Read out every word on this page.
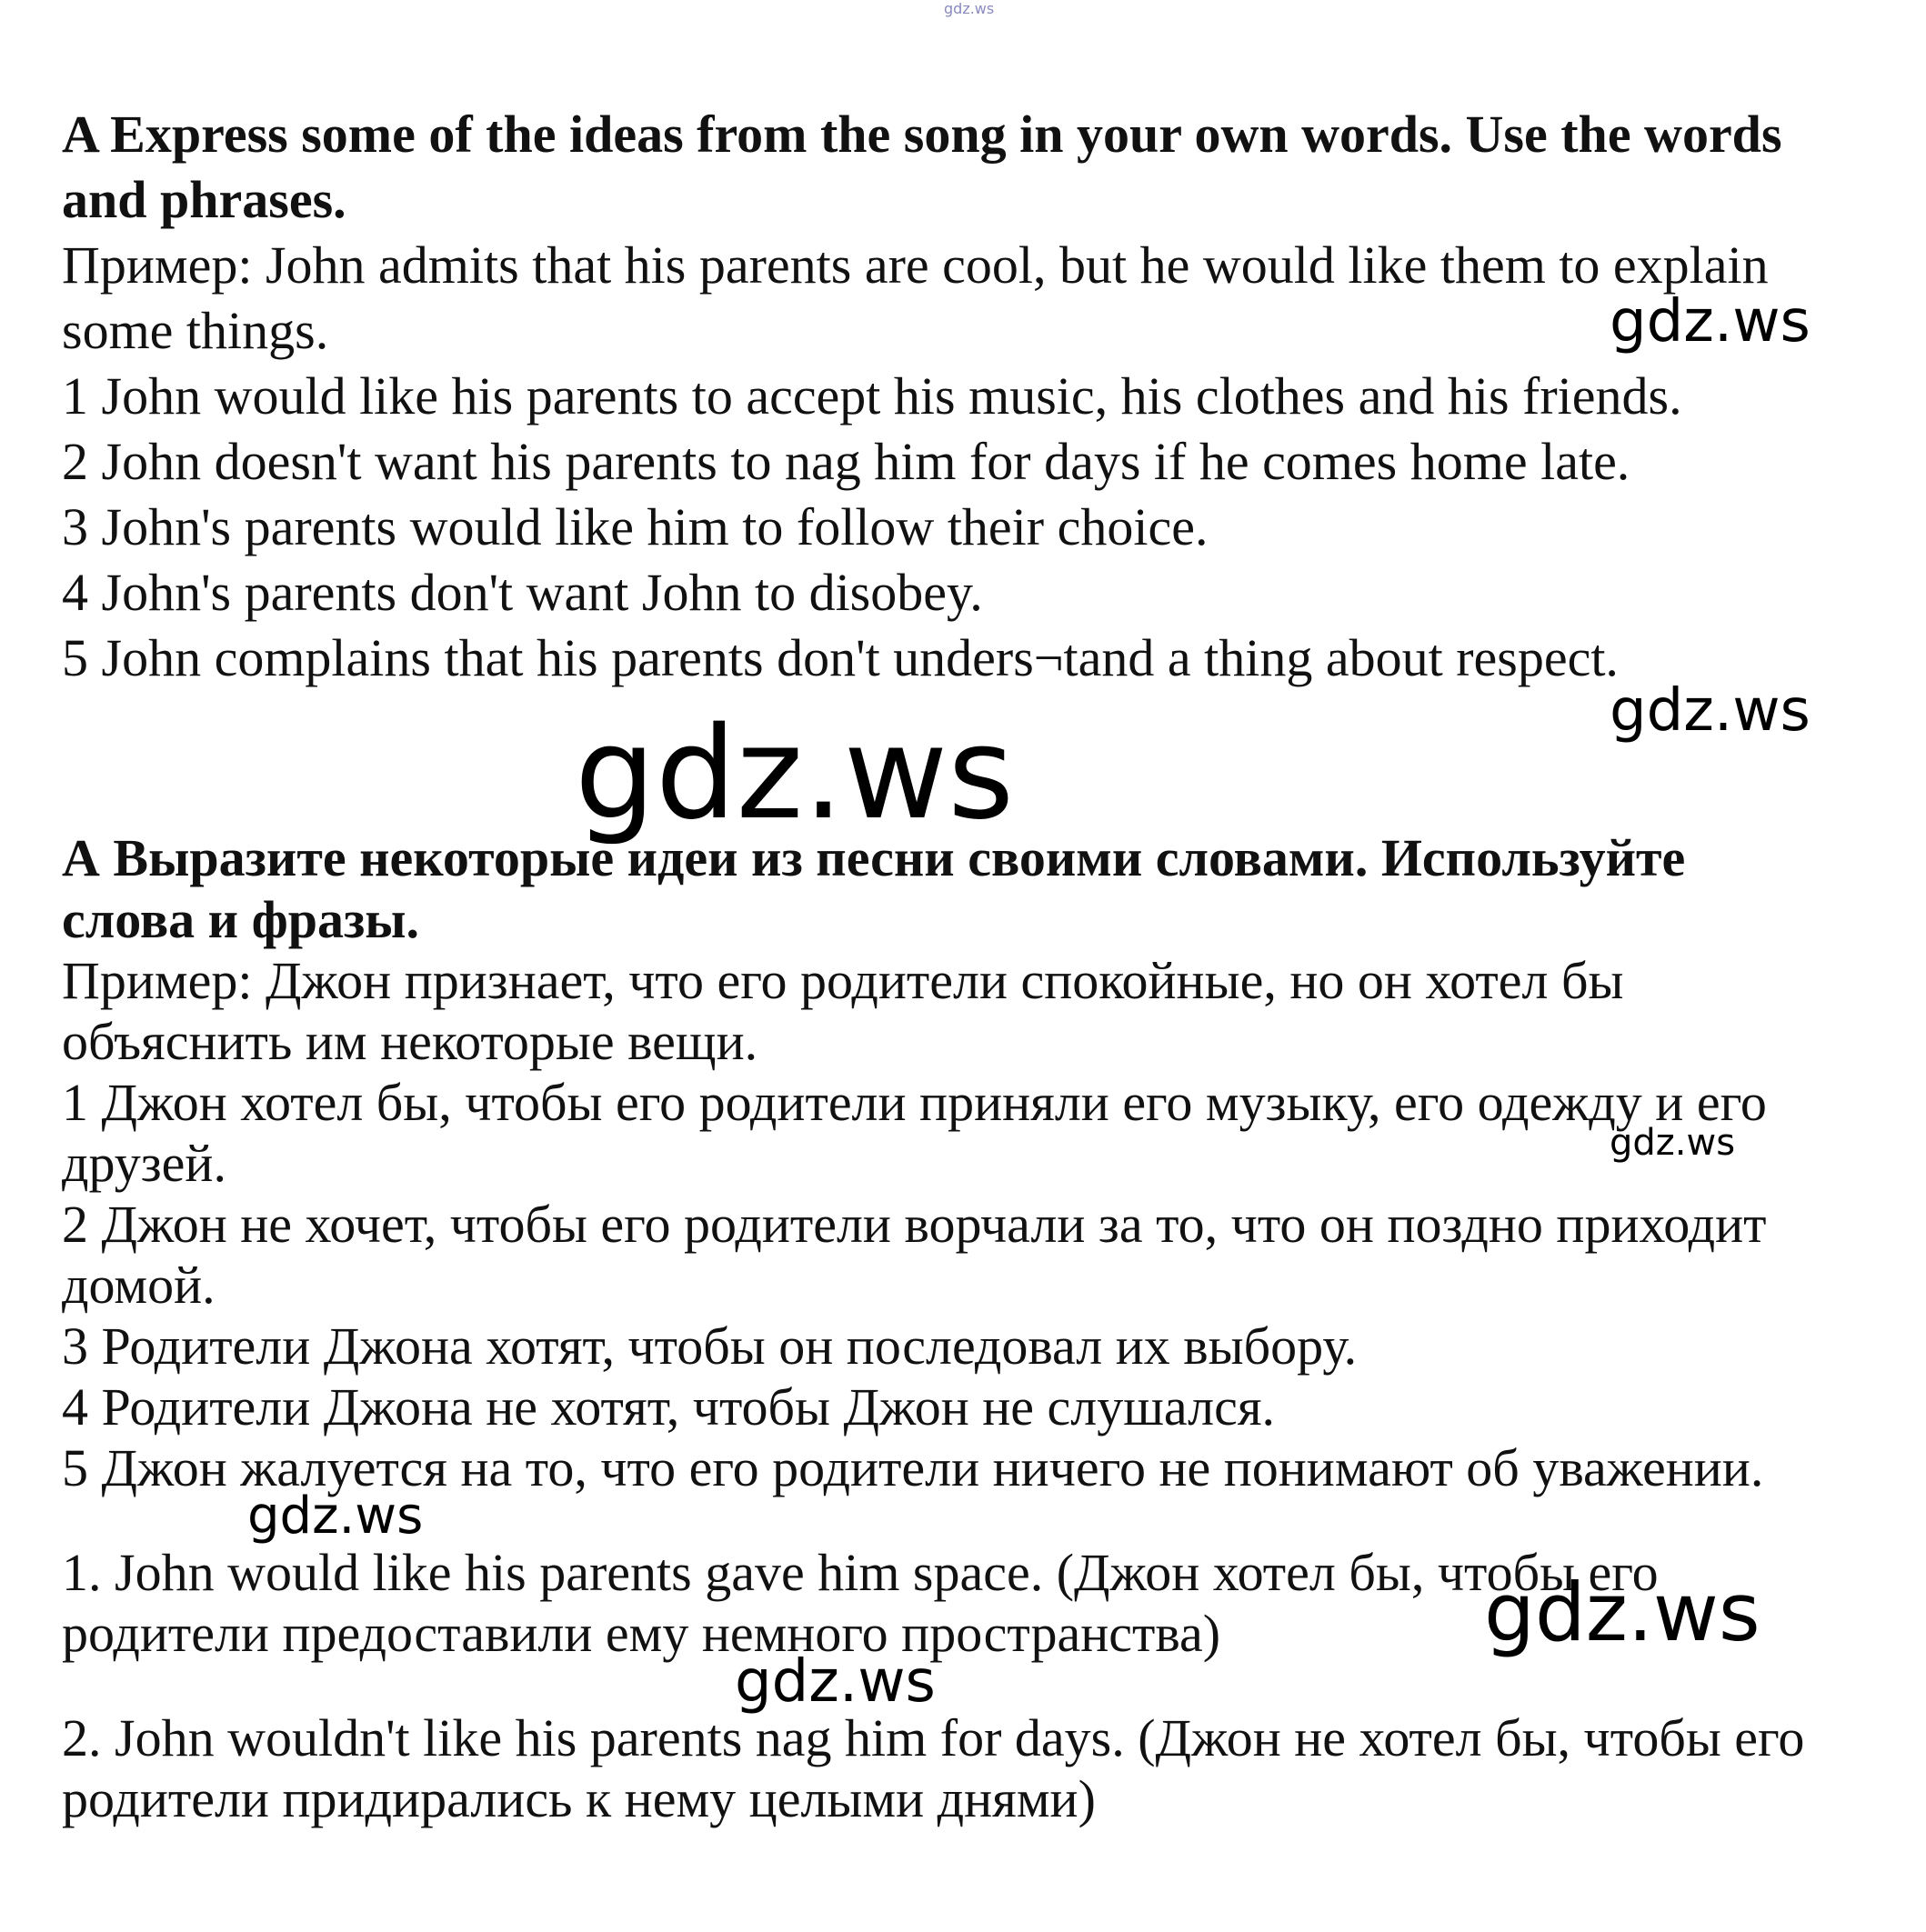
A Express some of the ideas from the song in your own words. Use the words

and phrases.

Пример: John admits that his parents are cool, but he would like them to explain

some things.

1 John would like his parents to accept his music, his clothes and his friends.

2 John doesn't want his parents to nag him for days if he comes home late.

3 John's parents would like him to follow their choice.

4 John's parents don't want John to disobey.

5 John complains that his parents don't unders¬tand a thing about respect.

А Выразите некоторые идеи из песни своими словами. Используйте

слова и фразы.

Пример: Джон признает, что его родители спокойные, но он хотел бы

объяснить им некоторые вещи.

1 Джон хотел бы, чтобы его родители приняли его музыку, его одежду и его

друзей.

2 Джон не хочет, чтобы его родители ворчали за то, что он поздно приходит

домой.

3 Родители Джона хотят, чтобы он последовал их выбору.

4 Родители Джона не хотят, чтобы Джон не слушался.

5 Джон жалуется на то, что его родители ничего не понимают об уважении.

1. John would like his parents gave him space. (Джон хотел бы, чтобы его

родители предоставили ему немного пространства)

2. John wouldn't like his parents nag him for days. (Джон не хотел бы, чтобы его

родители придирались к нему целыми днями)

gdz.ws
gdz.ws
gdz.ws
gdz.ws
gdz.ws
gdz.ws
gdz.ws
gdz.ws
